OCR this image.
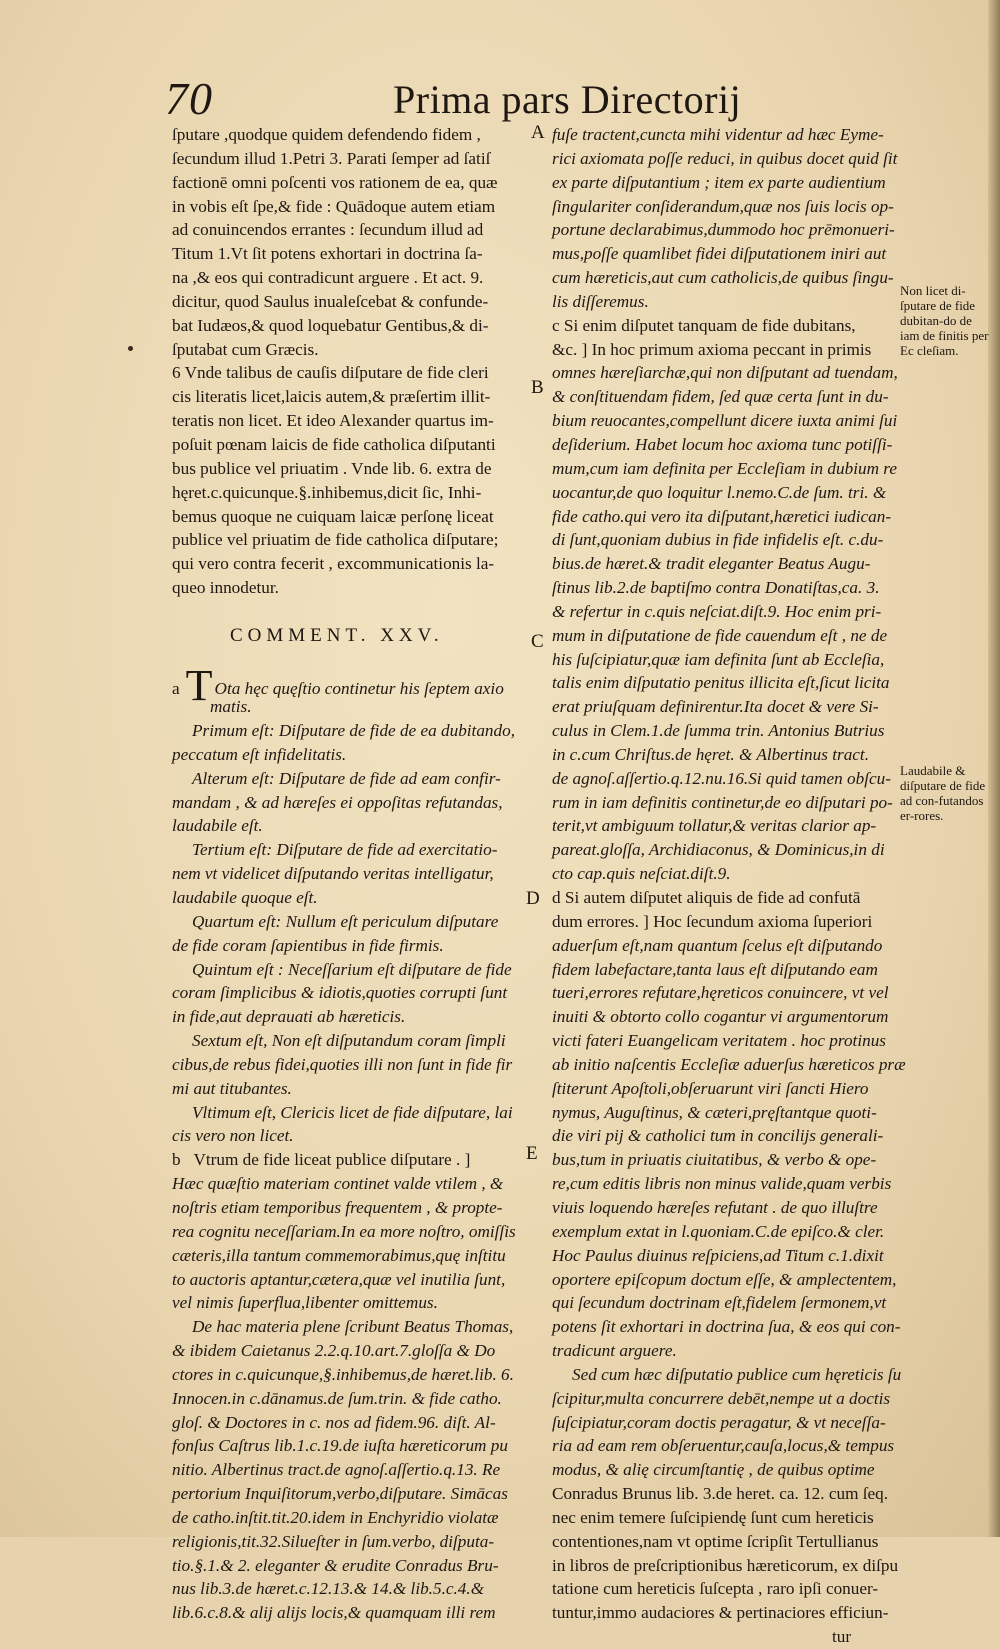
70	Prima pars Directorij
ſputare ,quodque quidem defendendo fidem ,
ſecundum illud 1.Petri 3. Parati ſemper ad ſatiſ
factionē omni poſcenti vos rationem de ea, quæ
in vobis eſt ſpe,& fide : Quādoque autem etiam
ad conuincendos errantes : ſecundum illud ad
Titum 1.Vt ſit potens exhortari in doctrina ſa-
na ,& eos qui contradicunt arguere . Et act. 9.
dicitur, quod Saulus inualeſcebat & confunde-
bat Iudæos,& quod loquebatur Gentibus,& di-
ſputabat cum Græcis.
6 Vnde talibus de cauſis diſputare de fide cleri
cis literatis licet,laicis autem,& præſertim illit-
teratis non licet. Et ideo Alexander quartus im-
poſuit pœnam laicis de fide catholica diſputanti
bus publice vel priuatim . Vnde lib. 6. extra de
hęret.c.quicunque.§.inhibemus,dicit ſic, Inhi-
bemus quoque ne cuiquam laicæ perſonę liceat
publice vel priuatim de fide catholica diſputare;
qui vero contra fecerit , excommunicationis la-
queo innodetur.
COMMENT. XXV.
a T Ota hęc quęſtio continetur his ſeptem axio
matis.
Primum eſt: Diſputare de fide de ea dubitando,
peccatum eſt infidelitatis.
Alterum eſt: Diſputare de fide ad eam confir-
mandam , & ad hæreſes ei oppoſitas refutandas,
laudabile eſt.
Tertium eſt: Diſputare de fide ad exercitatio-
nem vt videlicet diſputando veritas intelligatur,
laudabile quoque eſt.
Quartum eſt: Nullum eſt periculum diſputare
de fide coram ſapientibus in fide firmis.
Quintum eſt : Neceſſarium eſt diſputare de fide
coram ſimplicibus & idiotis,quoties corrupti ſunt
in fide,aut deprauati ab hæreticis.
Sextum eſt, Non eſt diſputandum coram ſimpli
cibus,de rebus fidei,quoties illi non ſunt in fide fir
mi aut titubantes.
Vltimum eſt, Clericis licet de fide diſputare, lai
cis vero non licet.
b Vtrum de fide liceat publice diſputare . ]
Hæc quæſtio materiam continet valde vtilem , &
noſtris etiam temporibus frequentem , & propte-
rea cognitu neceſſariam.In ea more noſtro, omiſſis
cæteris,illa tantum commemorabimus,quę inſtitu
to auctoris aptantur,cætera,quæ vel inutilia ſunt,
vel nimis ſuperflua,libenter omittemus.
De hac materia plene ſcribunt Beatus Thomas,
& ibidem Caietanus 2.2.q.10.art.7.gloſſa & Do
ctores in c.quicunque,§.inhibemus,de hæret.lib. 6.
Innocen.in c.dānamus.de ſum.trin. & fide catho.
gloſ. & Doctores in c. nos ad fidem.96. diſt. Al-
fonſus Caſtrus lib.1.c.19.de iuſta hæreticorum pu
nitio. Albertinus tract.de agnoſ.aſſertio.q.13. Re
pertorium Inquiſitorum,verbo,diſputare. Simācas
de catho.inſtit.tit.20.idem in Enchyridio violatæ
religionis,tit.32.Silueſter in ſum.verbo, diſputa-
tio.§.1.& 2. eleganter & erudite Conradus Bru-
nus lib.3.de hæret.c.12.13.& 14.& lib.5.c.4.&
lib.6.c.8.& alij alijs locis,& quamquam illi rem
A
B
C
D
E
fuſe tractent,cuncta mihi videntur ad hæc Eyme-
rici axiomata poſſe reduci, in quibus docet quid ſit
ex parte diſputantium ; item ex parte audientium
ſingulariter conſiderandum,quæ nos ſuis locis op-
portune declarabimus,dummodo hoc prēmonueri-
mus,poſſe quamlibet fidei diſputationem iniri aut
cum hæreticis,aut cum catholicis,de quibus ſingu-
lis diſſeremus.
c Si enim diſputet tanquam de fide dubitans,
&c. ] In hoc primum axioma peccant in primis
omnes hæreſiarchæ,qui non diſputant ad tuendam,
& conſtituendam fidem, ſed quæ certa ſunt in du-
bium reuocantes,compellunt dicere iuxta animi ſui
deſiderium. Habet locum hoc axioma tunc potiſſi-
mum,cum iam definita per Eccleſiam in dubium re
uocantur,de quo loquitur l.nemo.C.de ſum. tri. &
fide catho.qui vero ita diſputant,hæretici iudican-
di ſunt,quoniam dubius in fide infidelis eſt. c.du-
bius.de hæret.& tradit eleganter Beatus Augu-
ſtinus lib.2.de baptiſmo contra Donatiſtas,ca. 3.
& refertur in c.quis neſciat.diſt.9. Hoc enim pri-
mum in diſputatione de fide cauendum eſt , ne de
his ſuſcipiatur,quæ iam definita ſunt ab Eccleſia,
talis enim diſputatio penitus illicita eſt,ſicut licita
erat priuſquam definirentur.Ita docet & vere Si-
culus in Clem.1.de ſumma trin. Antonius Butrius
in c.cum Chriſtus.de hęret. & Albertinus tract.
de agnoſ.aſſertio.q.12.nu.16.Si quid tamen obſcu-
rum in iam definitis continetur,de eo diſputari po-
terit,vt ambiguum tollatur,& veritas clarior ap-
pareat.gloſſa, Archidiaconus, & Dominicus,in di
cto cap.quis neſciat.diſt.9.
d Si autem diſputet aliquis de fide ad confutā
dum errores. ] Hoc ſecundum axioma ſuperiori
aduerſum eſt,nam quantum ſcelus eſt diſputando
fidem labefactare,tanta laus eſt diſputando eam
tueri,errores refutare,hęreticos conuincere, vt vel
inuiti & obtorto collo cogantur vi argumentorum
victi fateri Euangelicam veritatem . hoc protinus
ab initio naſcentis Eccleſiæ aduerſus hæreticos præ
ſtiterunt Apoſtoli,obſeruarunt viri ſancti Hiero
nymus, Auguſtinus, & cæteri,pręſtantque quoti-
die viri pij & catholici tum in concilijs generali-
bus,tum in priuatis ciuitatibus, & verbo & ope-
re,cum editis libris non minus valide,quam verbis
viuis loquendo hæreſes refutant . de quo illuſtre
exemplum extat in l.quoniam.C.de epiſco.& cler.
Hoc Paulus diuinus reſpiciens,ad Titum c.1.dixit
oportere epiſcopum doctum eſſe, & amplectentem,
qui ſecundum doctrinam eſt,fidelem ſermonem,vt
potens ſit exhortari in doctrina ſua, & eos qui con-
tradicunt arguere.
Sed cum hæc diſputatio publice cum hęreticis ſu
ſcipitur,multa concurrere debēt,nempe ut a doctis
ſuſcipiatur,coram doctis peragatur, & vt neceſſa-
ria ad eam rem obſeruentur,cauſa,locus,& tempus
modus, & alię circumſtantię , de quibus optime
Conradus Brunus lib. 3.de heret. ca. 12. cum ſeq.
nec enim temere ſuſcipiendę ſunt cum hereticis
contentiones,nam vt optime ſcripſit Tertullianus
in libros de preſcriptionibus hæreticorum, ex diſpu
tatione cum hereticis ſuſcepta , raro ipſi conuer-
tuntur,immo audaciores & pertinaciores efficiun-
tur
Non licet di-ſputare de fide dubitan-do de iam de finitis per Ec cleſiam.
Laudabile & diſputare de fide ad con-futandos er-rores.
